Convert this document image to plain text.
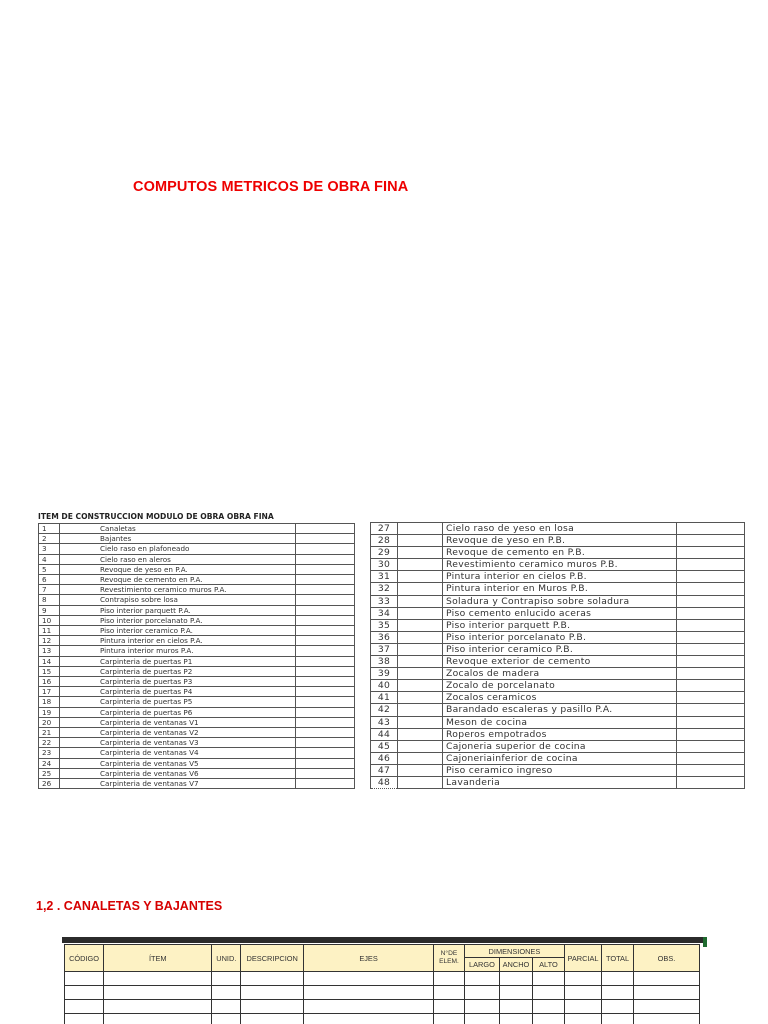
COMPUTOS METRICOS DE OBRA FINA
ITEM DE CONSTRUCCION MODULO DE OBRA OBRA FINA
1	Canaletas	
2	Bajantes	
3	Cielo raso en plafoneado	
4	Cielo raso en aleros	
5	Revoque de yeso en P.A.	
6	Revoque de cemento en P.A.	
7	Revestimiento ceramico muros P.A.	
8	Contrapiso sobre losa	
9	Piso interior parquett P.A.	
10	Piso interior porcelanato P.A.	
11	Piso interior ceramico P.A.	
12	Pintura interior en cielos P.A.	
13	Pintura interior muros P.A.	
14	Carpinteria de puertas P1	
15	Carpinteria de puertas P2	
16	Carpinteria de puertas P3	
17	Carpinteria de puertas P4	
18	Carpinteria de puertas P5	
19	Carpinteria de puertas P6	
20	Carpinteria de ventanas V1	
21	Carpinteria de ventanas V2	
22	Carpinteria de ventanas V3	
23	Carpinteria de ventanas V4	
24	Carpinteria de ventanas V5	
25	Carpinteria de ventanas V6	
26	Carpinteria de ventanas V7	
27		Cielo raso de yeso en losa	
28		Revoque de yeso en P.B.	
29		Revoque de cemento en P.B.	
30		Revestimiento ceramico muros P.B.	
31		Pintura interior en cielos P.B.	
32		Pintura interior en Muros P.B.	
33		Soladura y Contrapiso sobre soladura	
34		Piso cemento enlucido aceras	
35		Piso interior parquett P.B.	
36		Piso interior porcelanato P.B.	
37		Piso interior ceramico P.B.	
38		Revoque exterior de cemento	
39		Zocalos de madera	
40		Zocalo de porcelanato	
41		Zocalos ceramicos	
42		Barandado escaleras y pasillo P.A.	
43		Meson de cocina	
44		Roperos empotrados	
45		Cajoneria superior de cocina	
46		Cajoneriainferior de cocina	
47		Piso ceramico ingreso	
48		Lavanderia	
1,2 . CANALETAS Y BAJANTES
CÓDIGO	ÍTEM	UNID.	DESCRIPCION	EJES	N°DE ELEM.	DIMENSIONES			PARCIAL	TOTAL	OBS.
						LARGO	ANCHO	ALTO			
